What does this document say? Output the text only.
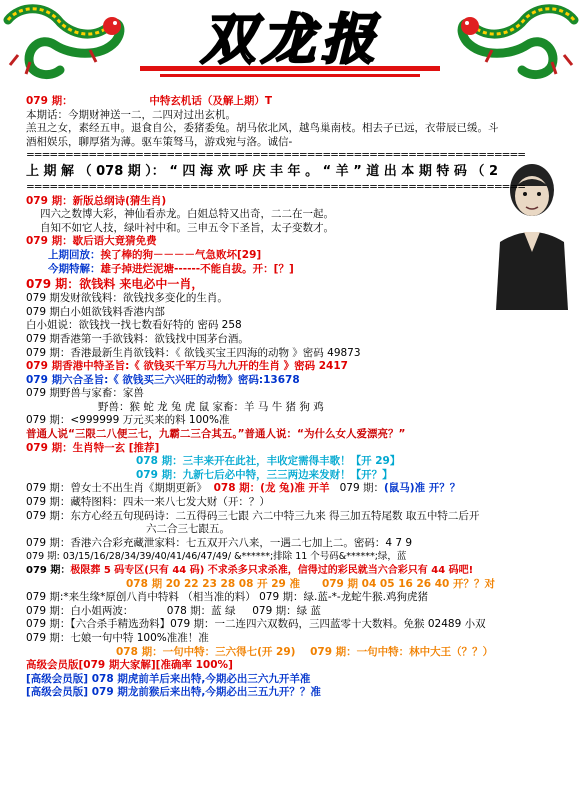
双龙报
079 期：	中特玄机话（及解上期）T
本期话：今期财神送一二，二四对过出玄机。
羔丑之女，素经五申。退食自公，委猪委兔。胡马依北风，越鸟巢南枝。相去子已远，衣带辰已缓。斗
酒相娱乐，聊厚猪为薄。驱车策驽马，游戏宛与洛。诚信-
================================================================
上 期 解 （ 078 期 ）： “ 四 海 欢 呼 庆 丰 年 。 “ 羊 ” 道 出 本 期 特 码 （ 2
================================================================
079 期：新版总纲诗(猜生肖)
四六之数博大彩，神仙看赤龙。白姐总特又出奇，二二在一起。
自知不如它人技，绿叶衬中和。三申五令下圣旨，太子变数才。
079 期：歇后语大竟猜免费
上期回放：挨了棒的狗－－－－气急败坏[29]
今期特解：雄子掉进烂泥塘------不能自拔。开：[？]
079 期：欲钱料 来电必中一肖，
079 期发财欲钱料：欲钱找多变化的生肖。
079 期白小姐欲钱料香港内部
白小姐说：欲钱找一找七数看好特的 密码 258
079 期香港第一手欲钱料：欲钱找中国茅台酒。
079 期：香港最新生肖欲钱料：《 欲钱买宝王四海的动物 》密码 49873
079 期香港中特圣旨:《 欲钱买千军万马九九开的生肖 》密码 2417
079 期六合圣旨:《 欲钱买三六兴旺的动物》密码:13678
079 期野兽与家畜：家兽
野兽：猴 蛇 龙 兔 虎 鼠 家畜：羊 马 牛 猪 狗 鸡
079 期：<999999 万元买来的料 100%准
普通人说“三限二八便三七，九霸二三合其五。”普通人说：“为什么女人爱漂亮？”
079 期：生肖特一玄 [推荐]
078 期：三丰来开在此社，丰收定需得丰歌！【开 29】
079 期：九新七后必中特，三三两边来发财！【开？】
079 期：曾女士不出生肖《期期更新》 078 期：(龙 兔)准 开羊 079 期：(鼠马)准 开？？
079 期：藏特图料：四未一来八七发大财（开：？）
079 期：东方心经五句现码诗：二五得码三七跟 六二中特三九来 得三加五特尾数 取五中特二后开
六二合三七跟五。
079 期：香港六合彩充藏泄家料：七五双开六八来，一遇二七加上二。密码：4 7 9
079 期: 03/15/16/28/34/39/40/41/46/47/49/ &******;排除 11 个号码&******;绿，蓝
079 期：极限葬 5 码专区(只有 44 码) 不求杀多只求杀准，信得过的彩民就当六合彩只有 44 码吧!
078 期 20 22 23 28 08 开 29 准 079 期 04 05 16 26 40 开？？对
079 期:*来生缘*原创八肖中特料 （相当准的料） 079 期：绿.蓝-*-龙蛇牛猴.鸡狗虎猪
079 期：白小姐两波：	078 期：蓝 绿 079 期：绿 蓝
079 期：【六合杀手精选劲料】079 期：一二连四六双数码，三四蓝零十大数料。免猴 02489 小双
079 期：七娘一句中特 100%准准！准
078 期：一句中特：三六得七(开 29) 079 期：一句中特：林中大王（？？）
高级会员版[079 期大家解][准确率 100%]
[高级会员版] 078 期虎前羊后来出特,今期必出三六九开羊准
[高级会员版] 079 期龙前猴后来出特,今期必出三五九开？？准
